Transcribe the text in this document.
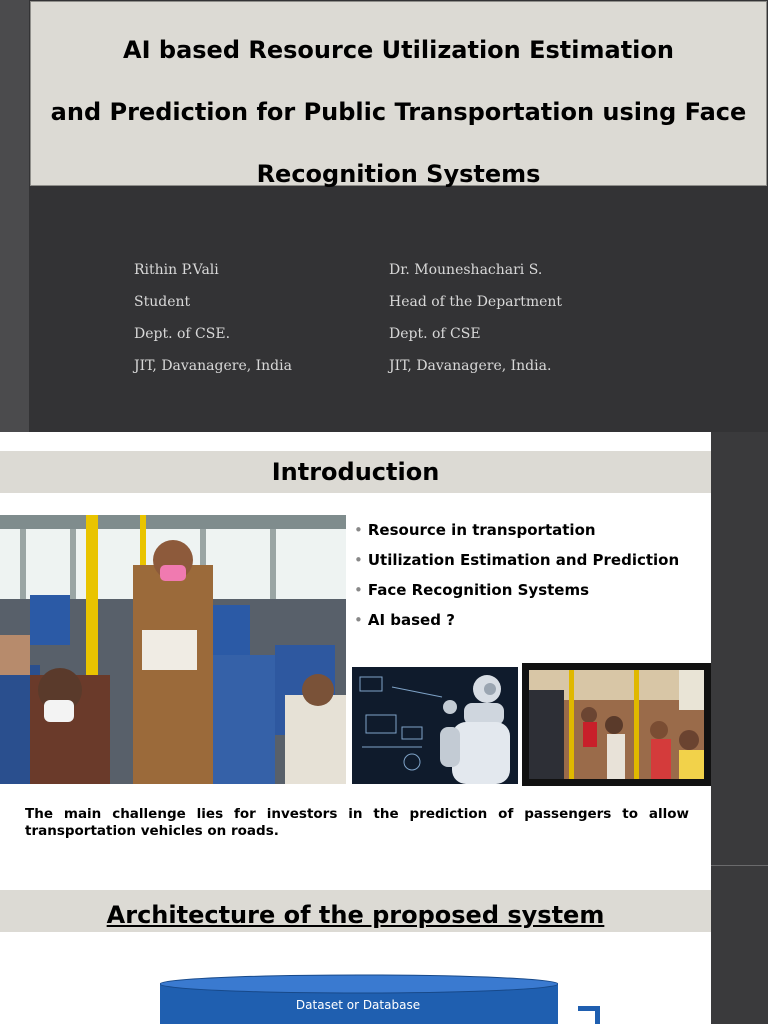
AI based Resource Utilization Estimation
and Prediction for Public Transportation using Face
Recognition Systems
Rithin P.Vali
Student
Dept. of CSE.
JIT, Davanagere, India
Dr. Mouneshachari S.
Head of the Department
Dept. of CSE
JIT, Davanagere, India.
Introduction
• Resource in transportation
• Utilization Estimation and Prediction
• Face Recognition Systems
• AI based ?
The main challenge lies for investors in the prediction of passengers to allow transportation vehicles on roads.
Architecture of the proposed system
Dataset or Database
